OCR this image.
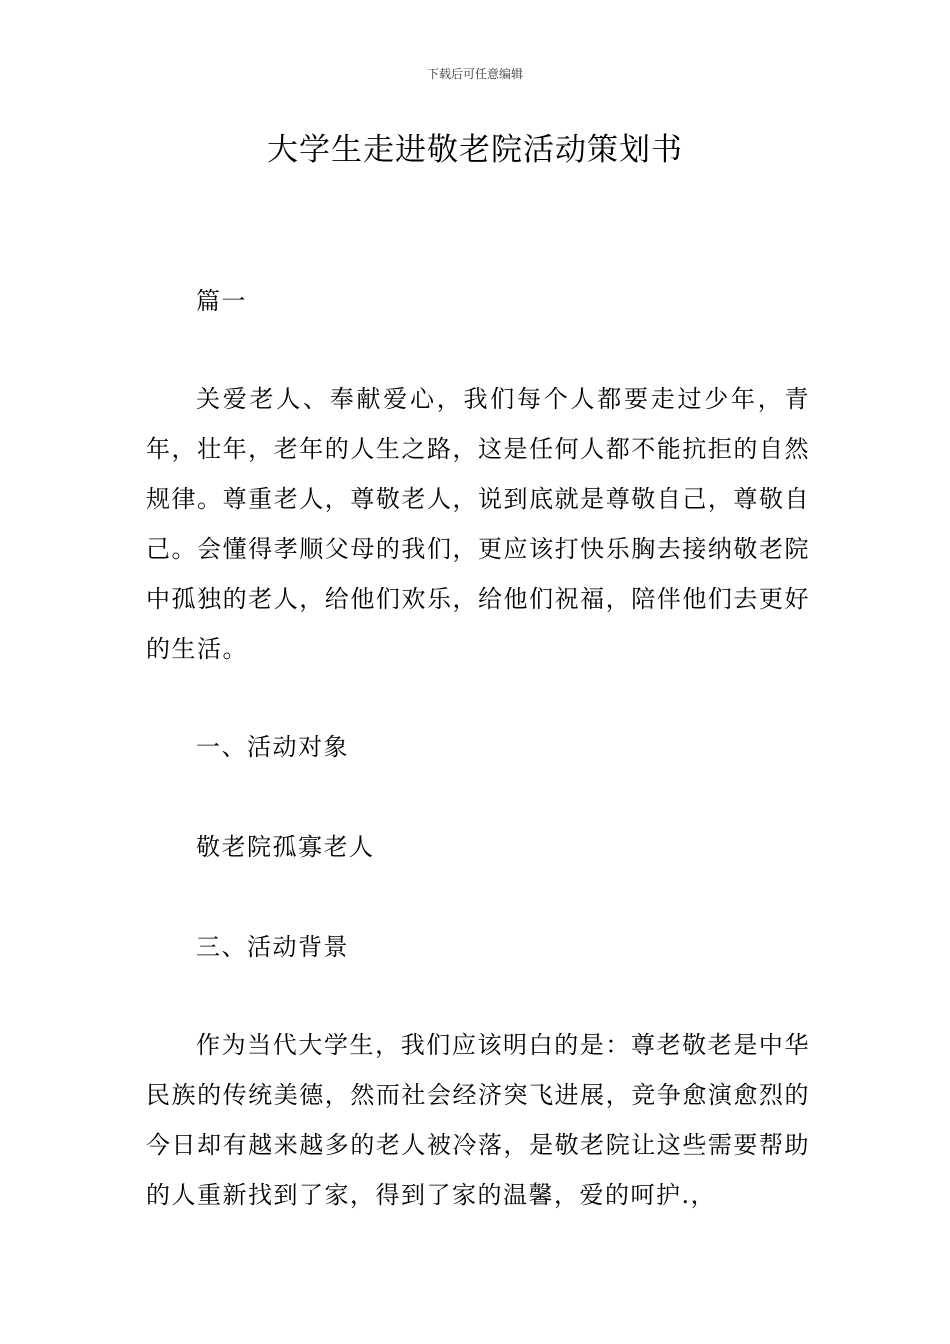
下载后可任意编辑
大学生走进敬老院活动策划书

篇一

关爱老人、奉献爱心，我们每个人都要走过少年，青年，壮年，老年的人生之路，这是任何人都不能抗拒的自然规律。尊重老人，尊敬老人，说到底就是尊敬自己，尊敬自己。会懂得孝顺父母的我们，更应该打快乐胸去接纳敬老院中孤独的老人，给他们欢乐，给他们祝福，陪伴他们去更好的生活。

一、活动对象

敬老院孤寡老人

三、活动背景

作为当代大学生，我们应该明白的是：尊老敬老是中华民族的传统美德，然而社会经济突飞进展，竞争愈演愈烈的今日却有越来越多的老人被冷落，是敬老院让这些需要帮助的人重新找到了家，得到了家的温馨，爱的呵护.，
